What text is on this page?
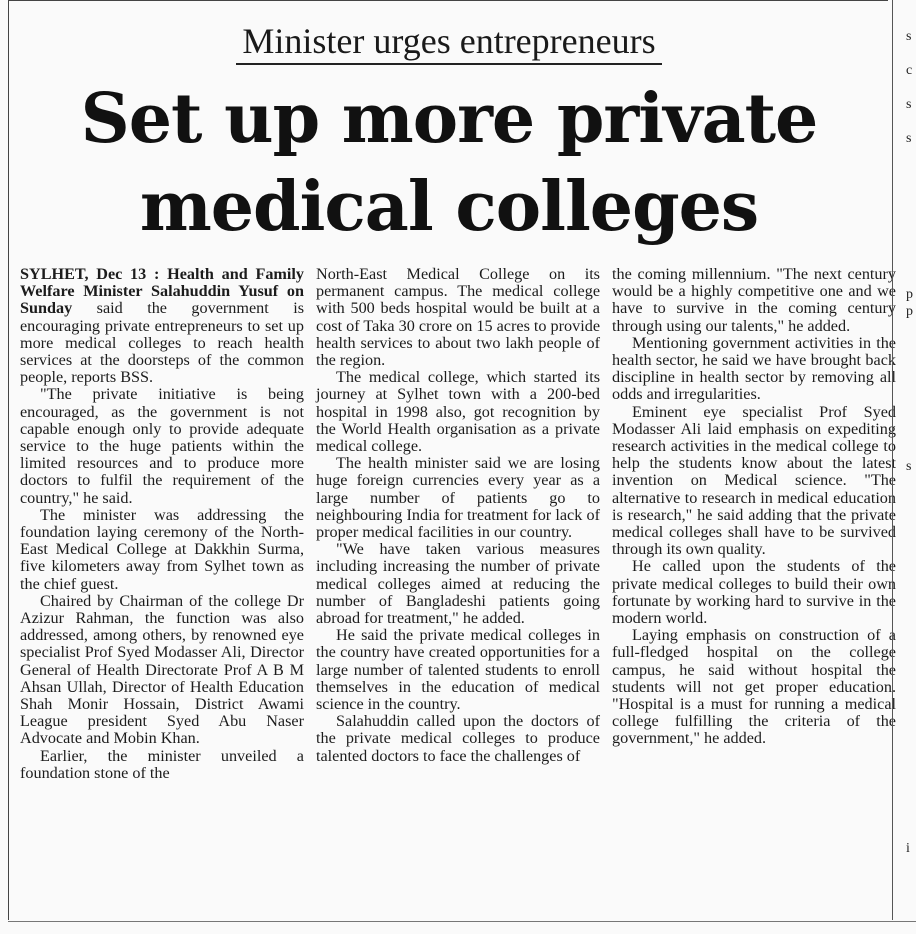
Minister urges entrepreneurs
Set up more private
medical colleges

SYLHET, Dec 13 : Health and Family Welfare Minister Salahuddin Yusuf on Sunday said the government is encouraging private entrepreneurs to set up more medical colleges to reach health services at the doorsteps of the common people, reports BSS.

"The private initiative is being encouraged, as the government is not capable enough only to provide adequate service to the huge patients within the limited resources and to produce more doctors to fulfil the requirement of the country," he said.

The minister was addressing the foundation laying ceremony of the North-East Medical College at Dakkhin Surma, five kilometers away from Sylhet town as the chief guest.

Chaired by Chairman of the college Dr Azizur Rahman, the function was also addressed, among others, by renowned eye specialist Prof Syed Modasser Ali, Director General of Health Directorate Prof A B M Ahsan Ullah, Director of Health Education Shah Monir Hossain, District Awami League president Syed Abu Naser Advocate and Mobin Khan.

Earlier, the minister unveiled a foundation stone of the

North-East Medical College on its permanent campus. The medical college with 500 beds hospital would be built at a cost of Taka 30 crore on 15 acres to provide health services to about two lakh people of the region.

The medical college, which started its journey at Sylhet town with a 200-bed hospital in 1998 also, got recognition by the World Health organisation as a private medical college.

The health minister said we are losing huge foreign currencies every year as a large number of patients go to neighbouring India for treatment for lack of proper medical facilities in our country.

"We have taken various measures including increasing the number of private medical colleges aimed at reducing the number of Bangladeshi patients going abroad for treatment," he added.

He said the private medical colleges in the country have created opportunities for a large number of talented students to enroll themselves in the education of medical science in the country.

Salahuddin called upon the doctors of the private medical colleges to produce talented doctors to face the challenges of

the coming millennium. "The next century would be a highly competitive one and we have to survive in the coming century through using our talents," he added.

Mentioning government activities in the health sector, he said we have brought back discipline in health sector by removing all odds and irregularities.

Eminent eye specialist Prof Syed Modasser Ali laid emphasis on expediting research activities in the medical college to help the students know about the latest invention on Medical science. "The alternative to research in medical education is research," he said adding that the private medical colleges shall have to be survived through its own quality.

He called upon the students of the private medical colleges to build their own fortunate by working hard to survive in the modern world.

Laying emphasis on construction of a full-fledged hospital on the college campus, he said without hospital the students will not get proper education. "Hospital is a must for running a medical college fulfilling the criteria of the government," he added.

s
c
s
s
p
p
s
i
